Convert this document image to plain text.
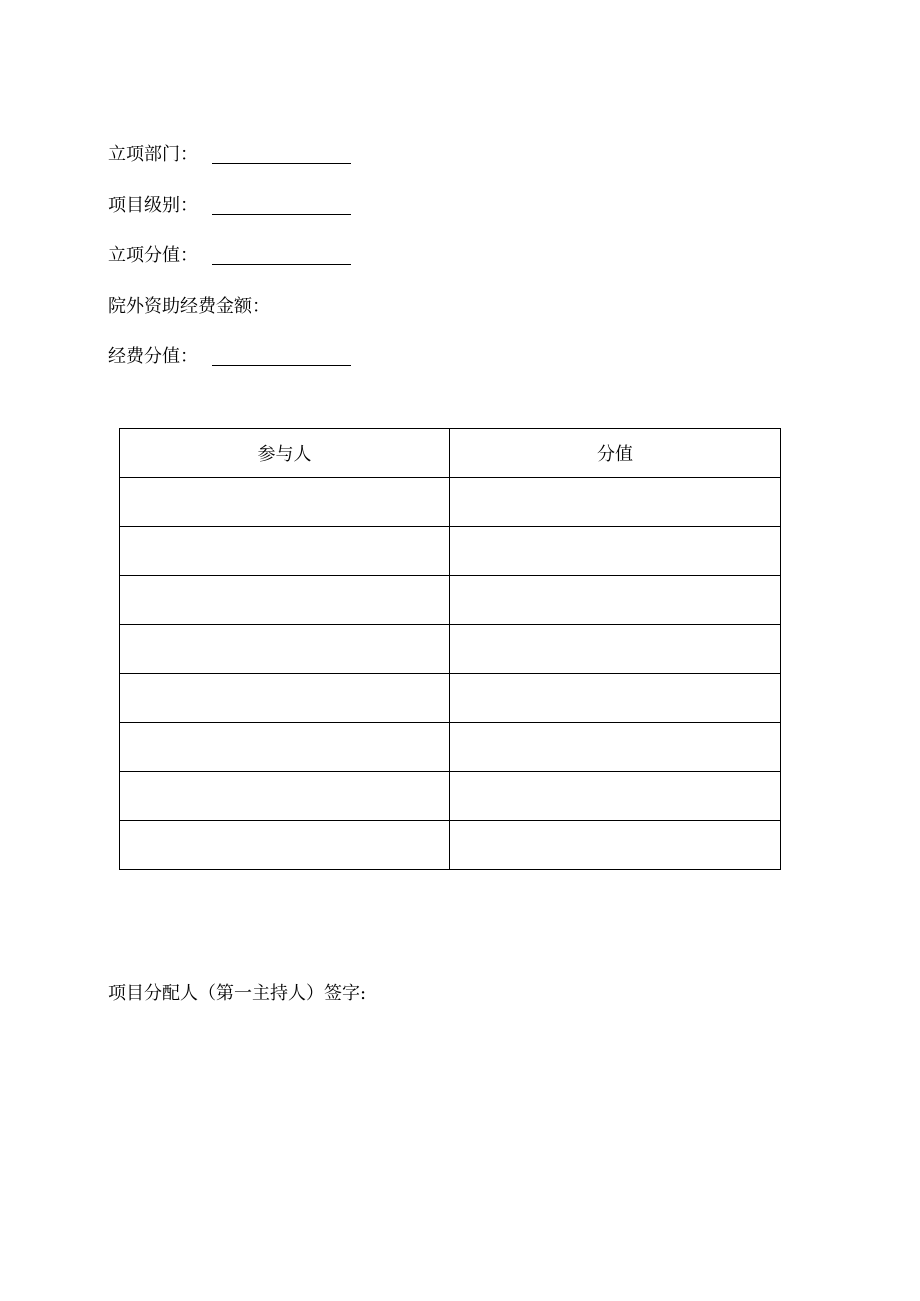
立项部门：
项目级别：
立项分值：
院外资助经费金额：
经费分值：
参与人	分值

项目分配人（第一主持人）签字:
